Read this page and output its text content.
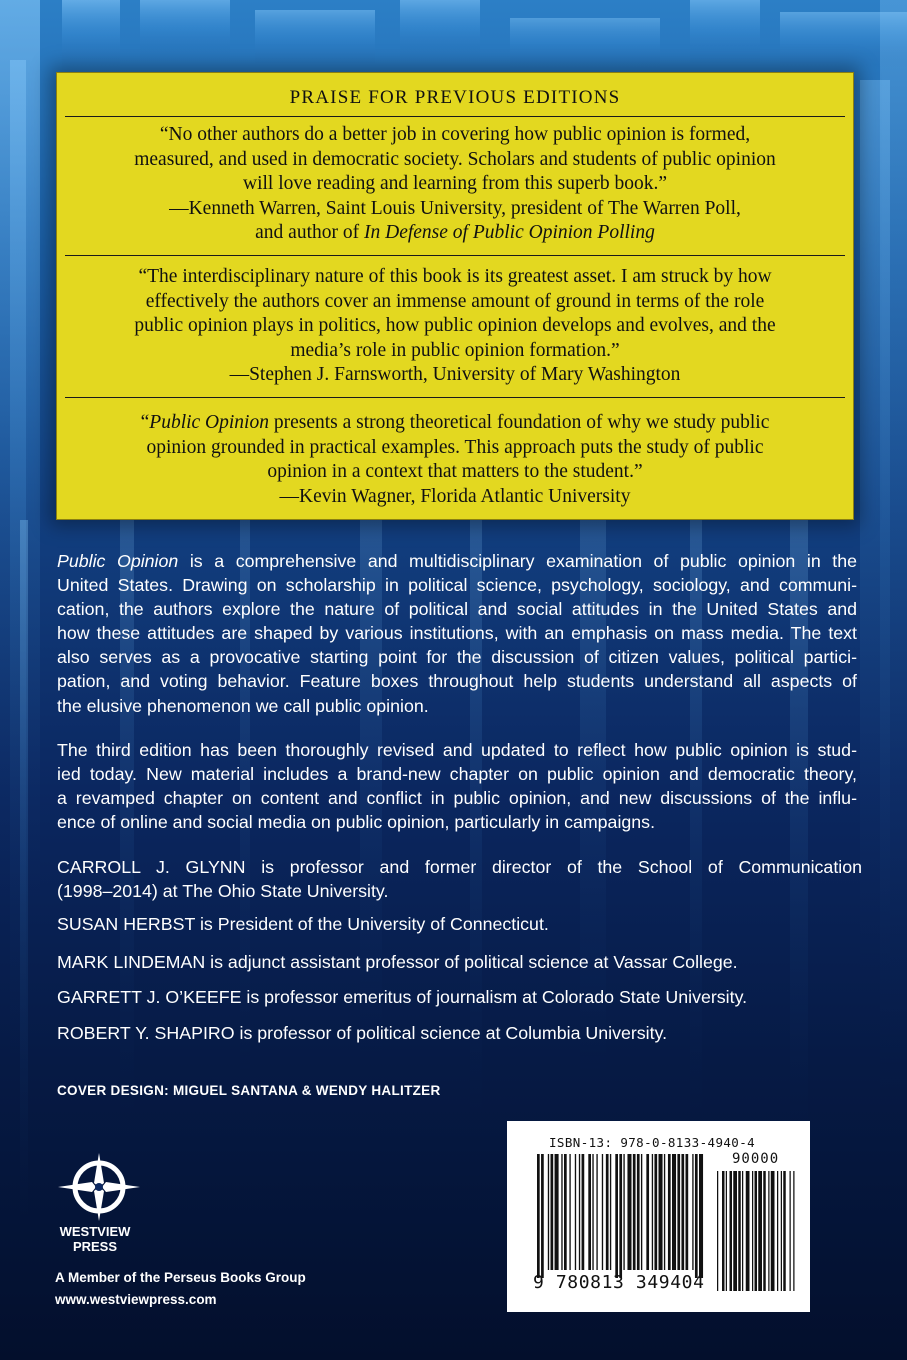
PRAISE FOR PREVIOUS EDITIONS
“No other authors do a better job in covering how public opinion is formed,
measured, and used in democratic society. Scholars and students of public opinion
will love reading and learning from this superb book.”
—Kenneth Warren, Saint Louis University, president of The Warren Poll,
and author of In Defense of Public Opinion Polling
“The interdisciplinary nature of this book is its greatest asset. I am struck by how
effectively the authors cover an immense amount of ground in terms of the role
public opinion plays in politics, how public opinion develops and evolves, and the
media’s role in public opinion formation.”
—Stephen J. Farnsworth, University of Mary Washington
“Public Opinion presents a strong theoretical foundation of why we study public
opinion grounded in practical examples. This approach puts the study of public
opinion in a context that matters to the student.”
—Kevin Wagner, Florida Atlantic University
Public Opinion is a comprehensive and multidisciplinary examination of public opinion in the
United States. Drawing on scholarship in political science, psychology, sociology, and communi-
cation, the authors explore the nature of political and social attitudes in the United States and
how these attitudes are shaped by various institutions, with an emphasis on mass media. The text
also serves as a provocative starting point for the discussion of citizen values, political partici-
pation, and voting behavior. Feature boxes throughout help students understand all aspects of
the elusive phenomenon we call public opinion.
The third edition has been thoroughly revised and updated to reflect how public opinion is stud-
ied today. New material includes a brand-new chapter on public opinion and democratic theory,
a revamped chapter on content and conflict in public opinion, and new discussions of the influ-
ence of online and social media on public opinion, particularly in campaigns.
CARROLL J. GLYNN is professor and former director of the School of Communication
(1998–2014) at The Ohio State University.
SUSAN HERBST is President of the University of Connecticut.
MARK LINDEMAN is adjunct assistant professor of political science at Vassar College.
GARRETT J. O’KEEFE is professor emeritus of journalism at Colorado State University.
ROBERT Y. SHAPIRO is professor of political science at Columbia University.
COVER DESIGN: MIGUEL SANTANA & WENDY HALITZER
WESTVIEW
PRESS
A Member of the Perseus Books Group
www.westviewpress.com
ISBN-13: 978-0-8133-4940-4
90000
9 780813 349404
